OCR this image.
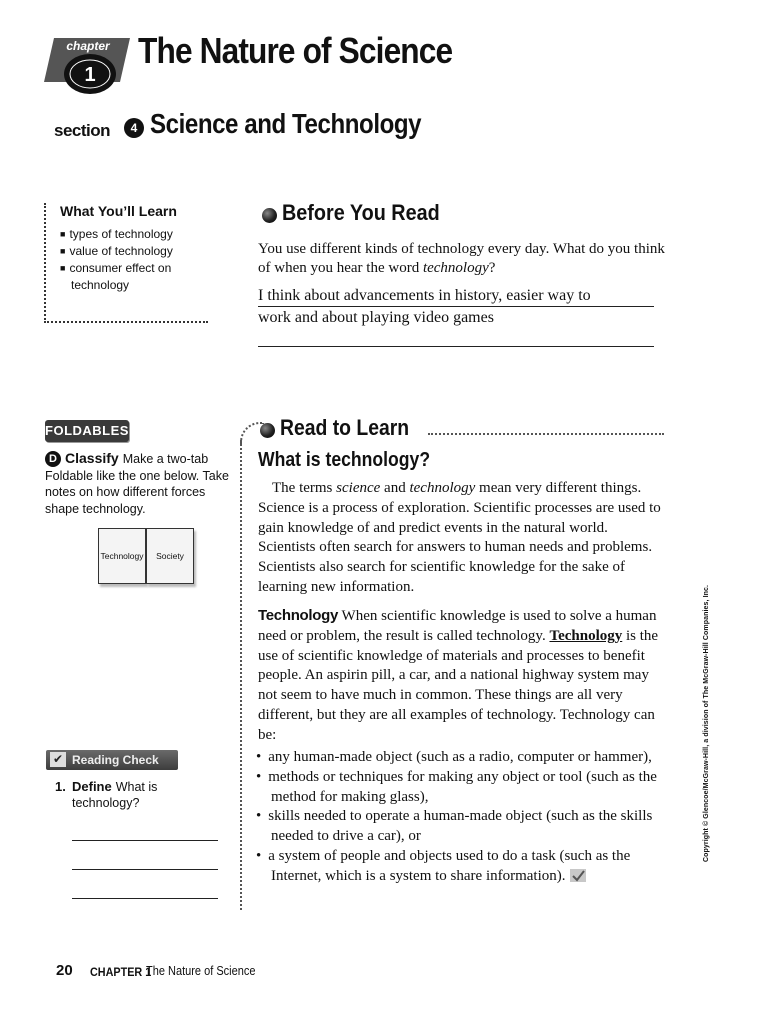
1
chapter The Nature of Science
section	4 Science and Technology
What You’ll Learn
■ types of technology
■ value of technology
■ consumer effect on technology
Before You Read
You use different kinds of technology every day. What do you think of when you hear the word technology?
I think about advancements in history, easier way to
work and about playing video games
FOLDABLES
Classify Make a two-tab Foldable like the one below. Take notes on how different forces shape technology.
D
Technology	Society
Read to Learn
What is technology?
The terms science and technology mean very different things. Science is a process of exploration. Scientific processes are used to gain knowledge of and predict events in the natural world. Scientists often search for answers to human needs and problems. Scientists also search for scientific knowledge for the sake of learning new information.
Technology When scientific knowledge is used to solve a human need or problem, the result is called technology. Technology is the use of scientific knowledge of materials and processes to benefit people. An aspirin pill, a car, and a national highway system may not seem to have much in common. These things are all very different, but they are all examples of technology. Technology can be:
• any human-made object (such as a radio, computer or hammer),
• methods or techniques for making any object or tool (such as the method for making glass),
• skills needed to operate a human-made object (such as the skills needed to drive a car), or
• a system of people and objects used to do a task (such as the Internet, which is a system to share information).
✔ Reading Check
1. Define What is technology?
20 CHAPTER 1
The Nature of Science
Copyright © Glencoe/McGraw-Hill, a division of The McGraw-Hill Companies, Inc.
